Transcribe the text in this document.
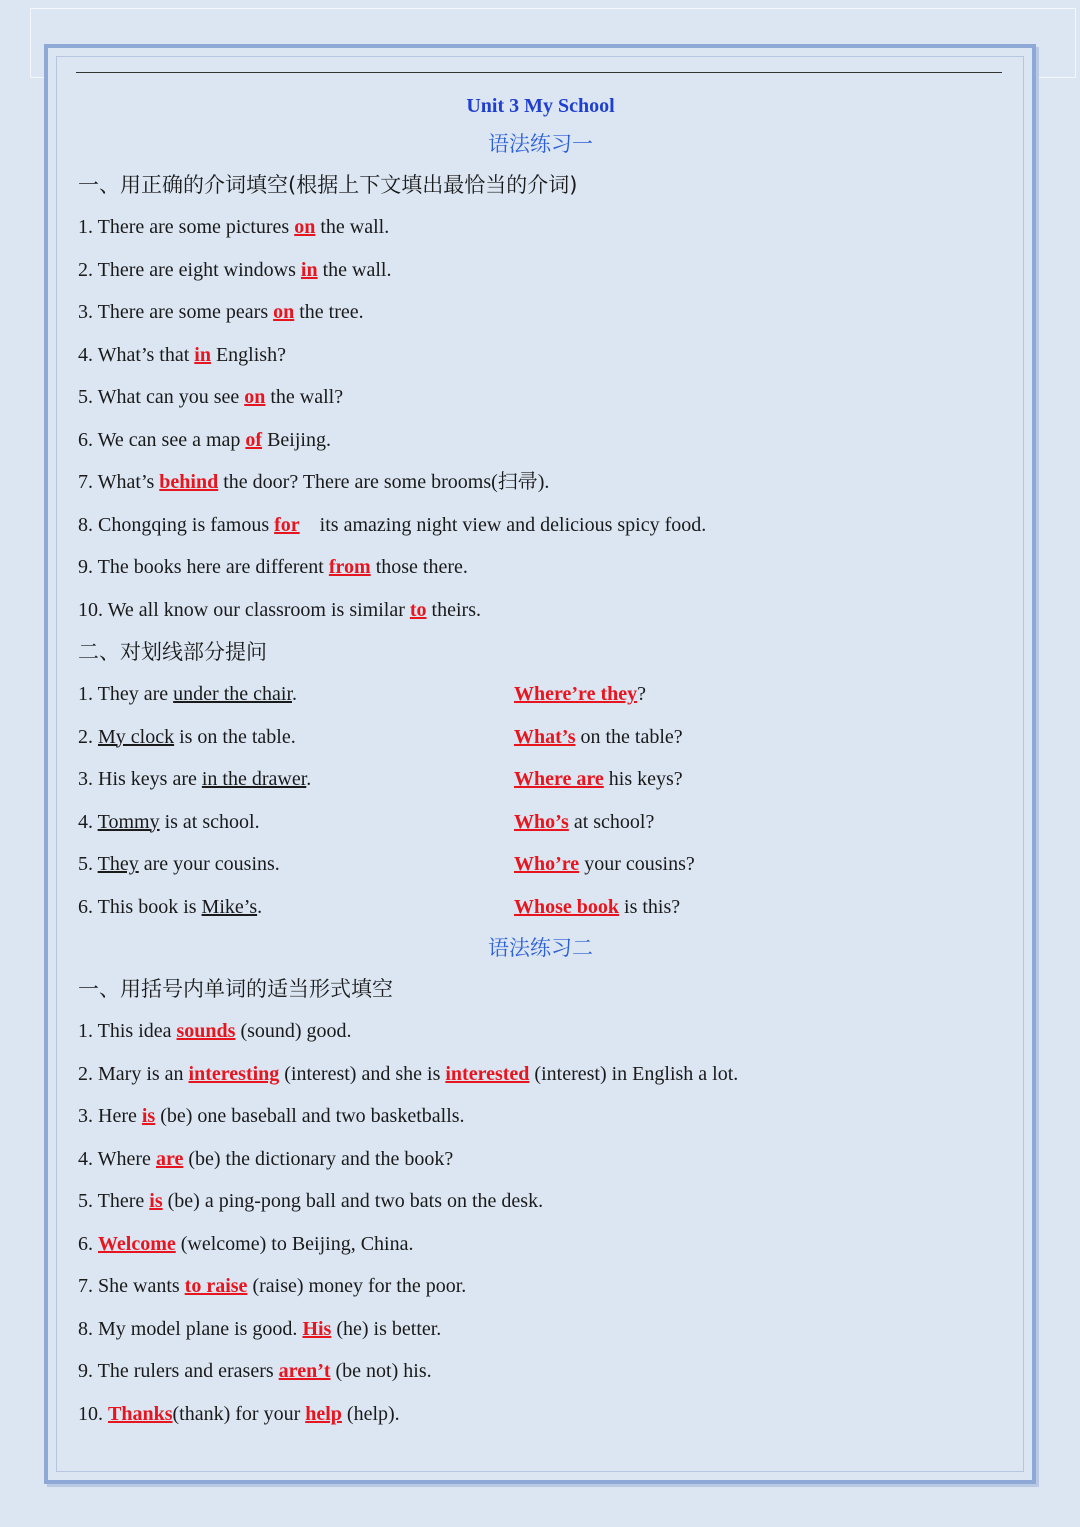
Unit 3 My School
语法练习一
一、用正确的介词填空(根据上下文填出最恰当的介词)
1. There are some pictures on the wall.
2. There are eight windows in the wall.
3. There are some pears on the tree.
4. What’s that in English?
5. What can you see on the wall?
6. We can see a map of Beijing.
7. What’s behind the door? There are some brooms(扫帚).
8. Chongqing is famous for    its amazing night view and delicious spicy food.
9. The books here are different from those there.
10. We all know our classroom is similar to theirs.
二、对划线部分提问
1. They are under the chair.	Where’re they?
2. My clock is on the table.	What’s on the table?
3. His keys are in the drawer.	Where are his keys?
4. Tommy is at school.	Who’s at school?
5. They are your cousins.	Who’re your cousins?
6. This book is Mike’s.	Whose book is this?
语法练习二
一、用括号内单词的适当形式填空
1. This idea sounds (sound) good.
2. Mary is an interesting (interest) and she is interested (interest) in English a lot.
3. Here is (be) one baseball and two basketballs.
4. Where are (be) the dictionary and the book?
5. There is (be) a ping-pong ball and two bats on the desk.
6. Welcome (welcome) to Beijing, China.
7. She wants to raise (raise) money for the poor.
8. My model plane is good. His (he) is better.
9. The rulers and erasers aren’t (be not) his.
10. Thanks(thank) for your help (help).
